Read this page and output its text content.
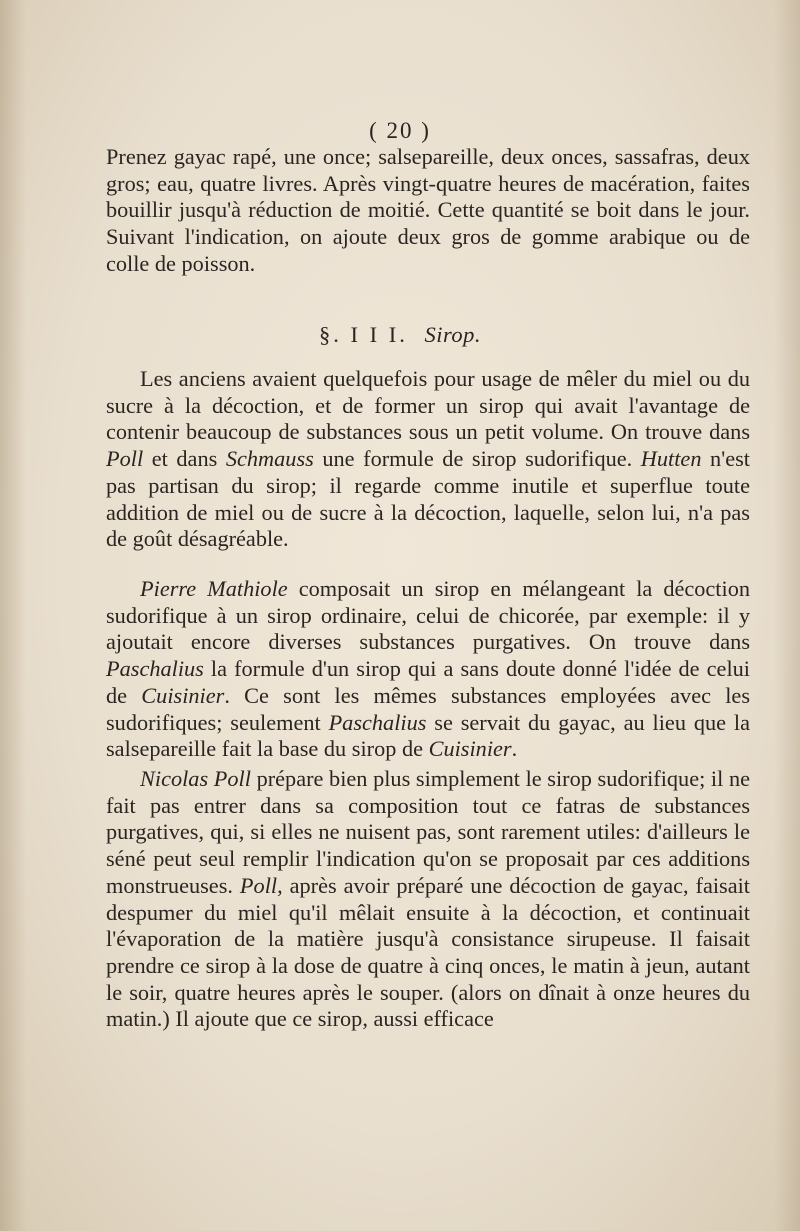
( 20 )

Prenez gayac rapé, une once; salsepareille, deux onces, sassafras, deux gros; eau, quatre livres. Après vingt-quatre heures de macération, faites bouillir jusqu'à réduction de moitié. Cette quantité se boit dans le jour. Suivant l'indication, on ajoute deux gros de gomme arabique ou de colle de poisson.

§. I I I. Sirop.

Les anciens avaient quelquefois pour usage de mêler du miel ou du sucre à la décoction, et de former un sirop qui avait l'avantage de contenir beaucoup de substances sous un petit volume. On trouve dans Poll et dans Schmauss une formule de sirop sudorifique. Hutten n'est pas partisan du sirop; il regarde comme inutile et superflue toute addition de miel ou de sucre à la décoction, laquelle, selon lui, n'a pas de goût désagréable.

Pierre Mathiole composait un sirop en mélangeant la décoction sudorifique à un sirop ordinaire, celui de chicorée, par exemple: il y ajoutait encore diverses substances purgatives. On trouve dans Paschalius la formule d'un sirop qui a sans doute donné l'idée de celui de Cuisinier. Ce sont les mêmes substances employées avec les sudorifiques; seulement Paschalius se servait du gayac, au lieu que la salsepareille fait la base du sirop de Cuisinier.

Nicolas Poll prépare bien plus simplement le sirop sudorifique; il ne fait pas entrer dans sa composition tout ce fatras de substances purgatives, qui, si elles ne nuisent pas, sont rarement utiles: d'ailleurs le séné peut seul remplir l'indication qu'on se proposait par ces additions monstrueuses. Poll, après avoir préparé une décoction de gayac, faisait despumer du miel qu'il mêlait ensuite à la décoction, et continuait l'évaporation de la matière jusqu'à consistance sirupeuse. Il faisait prendre ce sirop à la dose de quatre à cinq onces, le matin à jeun, autant le soir, quatre heures après le souper. (alors on dînait à onze heures du matin.) Il ajoute que ce sirop, aussi efficace
